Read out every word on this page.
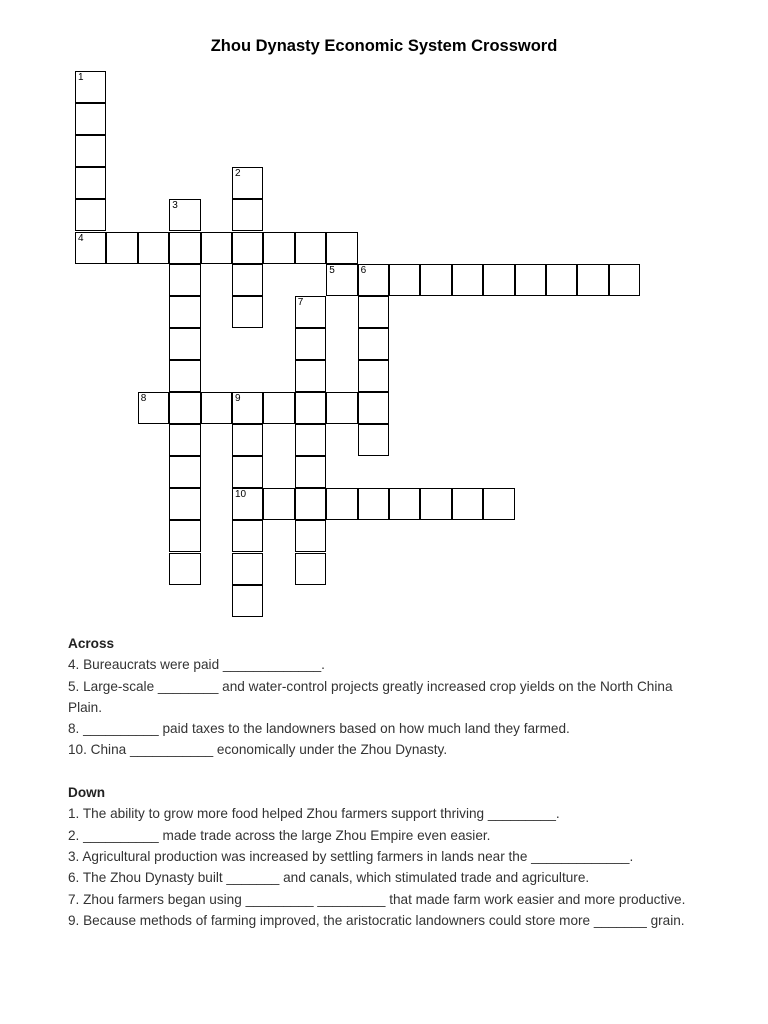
Zhou Dynasty Economic System Crossword
1
4
2
3
5	6
7
8	9
10
Across

4. Bureaucrats were paid _____________.

5. Large-scale ________ and water-control projects greatly increased crop yields on the North China Plain.

8. __________ paid taxes to the landowners based on how much land they farmed.

10. China ___________ economically under the Zhou Dynasty.

Down

1. The ability to grow more food helped Zhou farmers support thriving _________.

2. __________ made trade across the large Zhou Empire even easier.

3. Agricultural production was increased by settling farmers in lands near the _____________.

6. The Zhou Dynasty built _______ and canals, which stimulated trade and agriculture.

7. Zhou farmers began using _________ _________ that made farm work easier and more productive.

9. Because methods of farming improved, the aristocratic landowners could store more _______ grain.
